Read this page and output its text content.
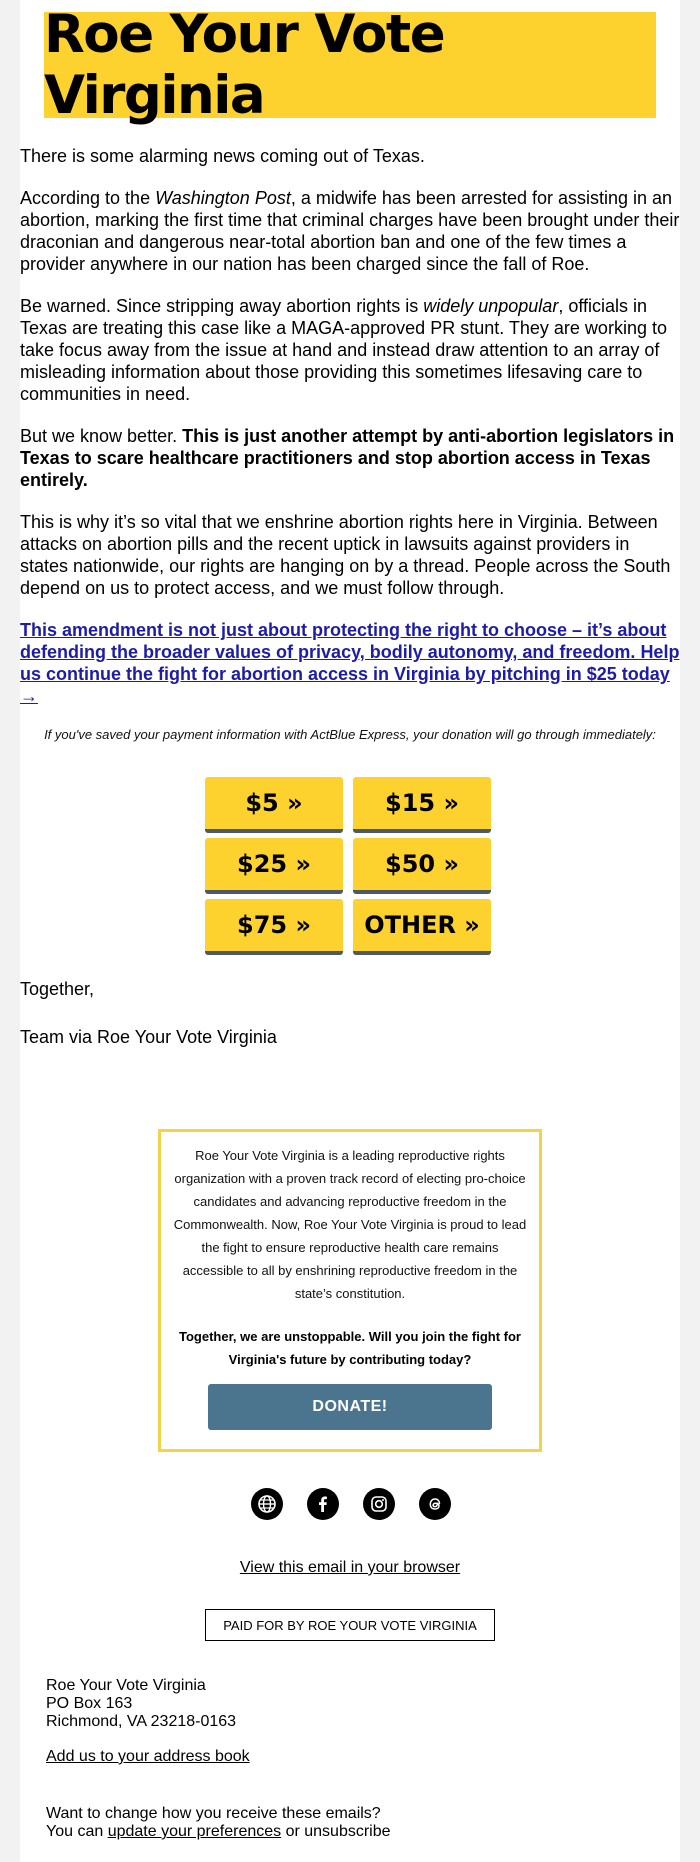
Roe Your Vote Virginia

There is some alarming news coming out of Texas.

According to the Washington Post, a midwife has been arrested for assisting in an abortion, marking the first time that criminal charges have been brought under their draconian and dangerous near-total abortion ban and one of the few times a provider anywhere in our nation has been charged since the fall of Roe.

Be warned. Since stripping away abortion rights is widely unpopular, officials in Texas are treating this case like a MAGA-approved PR stunt. They are working to take focus away from the issue at hand and instead draw attention to an array of misleading information about those providing this sometimes lifesaving care to communities in need.

But we know better. This is just another attempt by anti-abortion legislators in Texas to scare healthcare practitioners and stop abortion access in Texas entirely.

This is why it’s so vital that we enshrine abortion rights here in Virginia. Between attacks on abortion pills and the recent uptick in lawsuits against providers in states nationwide, our rights are hanging on by a thread. People across the South depend on us to protect access, and we must follow through.

This amendment is not just about protecting the right to choose – it’s about defending the broader values of privacy, bodily autonomy, and freedom. Help us continue the fight for abortion access in Virginia by pitching in $25 today →
If you've saved your payment information with ActBlue Express, your donation will go through immediately:
$5 »	$15 »
$25 »	$50 »
$75 »	OTHER »

Together,

Team via Roe Your Vote Virginia

Roe Your Vote Virginia is a leading reproductive rights organization with a proven track record of electing pro-choice candidates and advancing reproductive freedom in the Commonwealth. Now, Roe Your Vote Virginia is proud to lead the fight to ensure reproductive health care remains accessible to all by enshrining reproductive freedom in the state’s constitution.
Together, we are unstoppable. Will you join the fight for Virginia's future by contributing today?
DONATE!
View this email in your browser
PAID FOR BY ROE YOUR VOTE VIRGINIA
Roe Your Vote Virginia
PO Box 163
Richmond, VA 23218-0163
Add us to your address book
Want to change how you receive these emails?
You can update your preferences or unsubscribe
